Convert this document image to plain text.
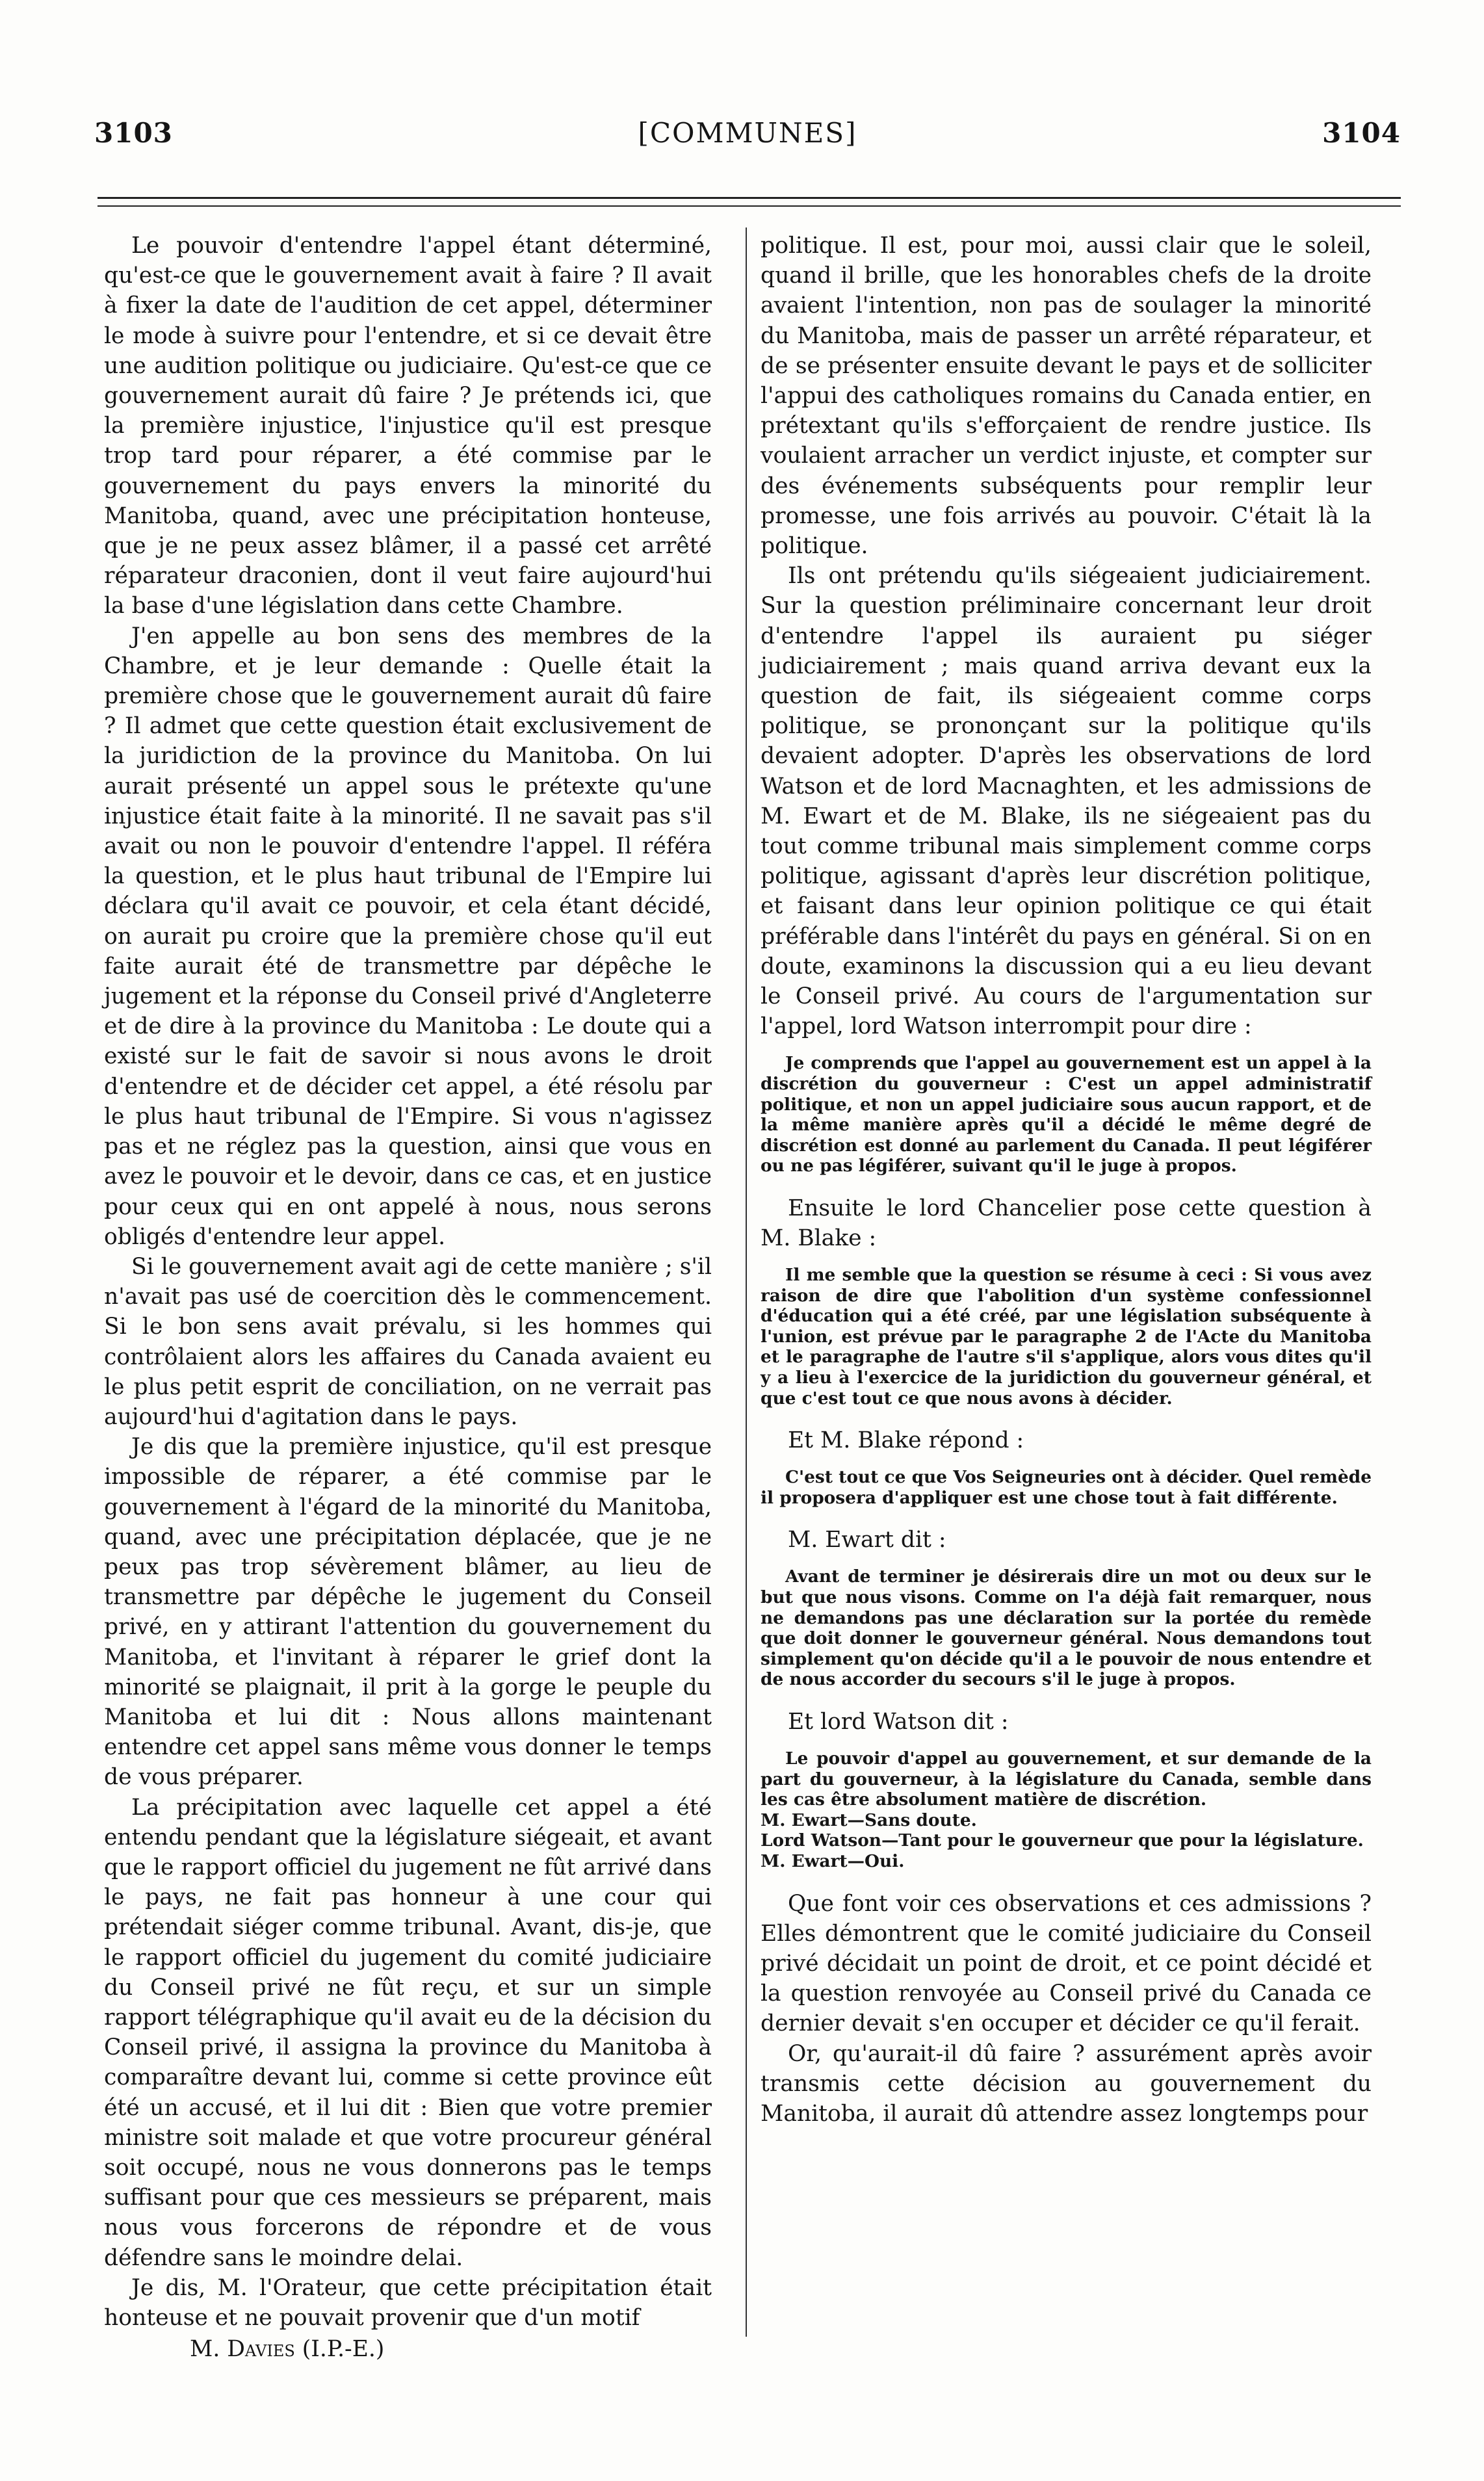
3103	[COMMUNES]	3104

Le pouvoir d'entendre l'appel étant déterminé, qu'est-ce que le gouvernement avait à faire ? Il avait à fixer la date de l'audition de cet appel, déterminer le mode à suivre pour l'entendre, et si ce devait être une audition politique ou judiciaire. Qu'est-ce que ce gouvernement aurait dû faire ? Je prétends ici, que la première injustice, l'injustice qu'il est presque trop tard pour réparer, a été commise par le gouvernement du pays envers la minorité du Manitoba, quand, avec une précipitation honteuse, que je ne peux assez blâmer, il a passé cet arrêté réparateur draconien, dont il veut faire aujourd'hui la base d'une législation dans cette Chambre.

J'en appelle au bon sens des membres de la Chambre, et je leur demande : Quelle était la première chose que le gouvernement aurait dû faire ? Il admet que cette question était exclusivement de la juridiction de la province du Manitoba. On lui aurait présenté un appel sous le prétexte qu'une injustice était faite à la minorité. Il ne savait pas s'il avait ou non le pouvoir d'entendre l'appel. Il référa la question, et le plus haut tribunal de l'Empire lui déclara qu'il avait ce pouvoir, et cela étant décidé, on aurait pu croire que la première chose qu'il eut faite aurait été de transmettre par dépêche le jugement et la réponse du Conseil privé d'Angleterre et de dire à la province du Manitoba : Le doute qui a existé sur le fait de savoir si nous avons le droit d'entendre et de décider cet appel, a été résolu par le plus haut tribunal de l'Empire. Si vous n'agissez pas et ne réglez pas la question, ainsi que vous en avez le pouvoir et le devoir, dans ce cas, et en justice pour ceux qui en ont appelé à nous, nous serons obligés d'entendre leur appel.

Si le gouvernement avait agi de cette manière ; s'il n'avait pas usé de coercition dès le commencement. Si le bon sens avait prévalu, si les hommes qui contrôlaient alors les affaires du Canada avaient eu le plus petit esprit de conciliation, on ne verrait pas aujourd'hui d'agitation dans le pays.

Je dis que la première injustice, qu'il est presque impossible de réparer, a été commise par le gouvernement à l'égard de la minorité du Manitoba, quand, avec une précipitation déplacée, que je ne peux pas trop sévèrement blâmer, au lieu de transmettre par dépêche le jugement du Conseil privé, en y attirant l'attention du gouvernement du Manitoba, et l'invitant à réparer le grief dont la minorité se plaignait, il prit à la gorge le peuple du Manitoba et lui dit : Nous allons maintenant entendre cet appel sans même vous donner le temps de vous préparer.

La précipitation avec laquelle cet appel a été entendu pendant que la législature siégeait, et avant que le rapport officiel du jugement ne fût arrivé dans le pays, ne fait pas honneur à une cour qui prétendait siéger comme tribunal. Avant, dis-je, que le rapport officiel du jugement du comité judiciaire du Conseil privé ne fût reçu, et sur un simple rapport télégraphique qu'il avait eu de la décision du Conseil privé, il assigna la province du Manitoba à comparaître devant lui, comme si cette province eût été un accusé, et il lui dit : Bien que votre premier ministre soit malade et que votre procureur général soit occupé, nous ne vous donnerons pas le temps suffisant pour que ces messieurs se préparent, mais nous vous forcerons de répondre et de vous défendre sans le moindre delai.

Je dis, M. l'Orateur, que cette précipitation était honteuse et ne pouvait provenir que d'un motif

M. Davies (I.P.-E.)

politique. Il est, pour moi, aussi clair que le soleil, quand il brille, que les honorables chefs de la droite avaient l'intention, non pas de soulager la minorité du Manitoba, mais de passer un arrêté réparateur, et de se présenter ensuite devant le pays et de solliciter l'appui des catholiques romains du Canada entier, en prétextant qu'ils s'efforçaient de rendre justice. Ils voulaient arracher un verdict injuste, et compter sur des événements subséquents pour remplir leur promesse, une fois arrivés au pouvoir. C'était là la politique.

Ils ont prétendu qu'ils siégeaient judiciairement. Sur la question préliminaire concernant leur droit d'entendre l'appel ils auraient pu siéger judiciairement ; mais quand arriva devant eux la question de fait, ils siégeaient comme corps politique, se prononçant sur la politique qu'ils devaient adopter. D'après les observations de lord Watson et de lord Macnaghten, et les admissions de M. Ewart et de M. Blake, ils ne siégeaient pas du tout comme tribunal mais simplement comme corps politique, agissant d'après leur discrétion politique, et faisant dans leur opinion politique ce qui était préférable dans l'intérêt du pays en général. Si on en doute, examinons la discussion qui a eu lieu devant le Conseil privé. Au cours de l'argumentation sur l'appel, lord Watson interrompit pour dire :

Je comprends que l'appel au gouvernement est un appel à la discrétion du gouverneur : C'est un appel administratif politique, et non un appel judiciaire sous aucun rapport, et de la même manière après qu'il a décidé le même degré de discrétion est donné au parlement du Canada. Il peut légiférer ou ne pas légiférer, suivant qu'il le juge à propos.

Ensuite le lord Chancelier pose cette question à M. Blake :

Il me semble que la question se résume à ceci : Si vous avez raison de dire que l'abolition d'un système confessionnel d'éducation qui a été créé, par une législation subséquente à l'union, est prévue par le paragraphe 2 de l'Acte du Manitoba et le paragraphe de l'autre s'il s'applique, alors vous dites qu'il y a lieu à l'exercice de la juridiction du gouverneur général, et que c'est tout ce que nous avons à décider.

Et M. Blake répond :

C'est tout ce que Vos Seigneuries ont à décider. Quel remède il proposera d'appliquer est une chose tout à fait différente.

M. Ewart dit :

Avant de terminer je désirerais dire un mot ou deux sur le but que nous visons. Comme on l'a déjà fait remarquer, nous ne demandons pas une déclaration sur la portée du remède que doit donner le gouverneur général. Nous demandons tout simplement qu'on décide qu'il a le pouvoir de nous entendre et de nous accorder du secours s'il le juge à propos.

Et lord Watson dit :

Le pouvoir d'appel au gouvernement, et sur demande de la part du gouverneur, à la législature du Canada, semble dans les cas être absolument matière de discrétion.

M. Ewart—Sans doute.

Lord Watson—Tant pour le gouverneur que pour la législature.

M. Ewart—Oui.

Que font voir ces observations et ces admissions ? Elles démontrent que le comité judiciaire du Conseil privé décidait un point de droit, et ce point décidé et la question renvoyée au Conseil privé du Canada ce dernier devait s'en occuper et décider ce qu'il ferait.

Or, qu'aurait-il dû faire ? assurément après avoir transmis cette décision au gouvernement du Manitoba, il aurait dû attendre assez longtemps pour
